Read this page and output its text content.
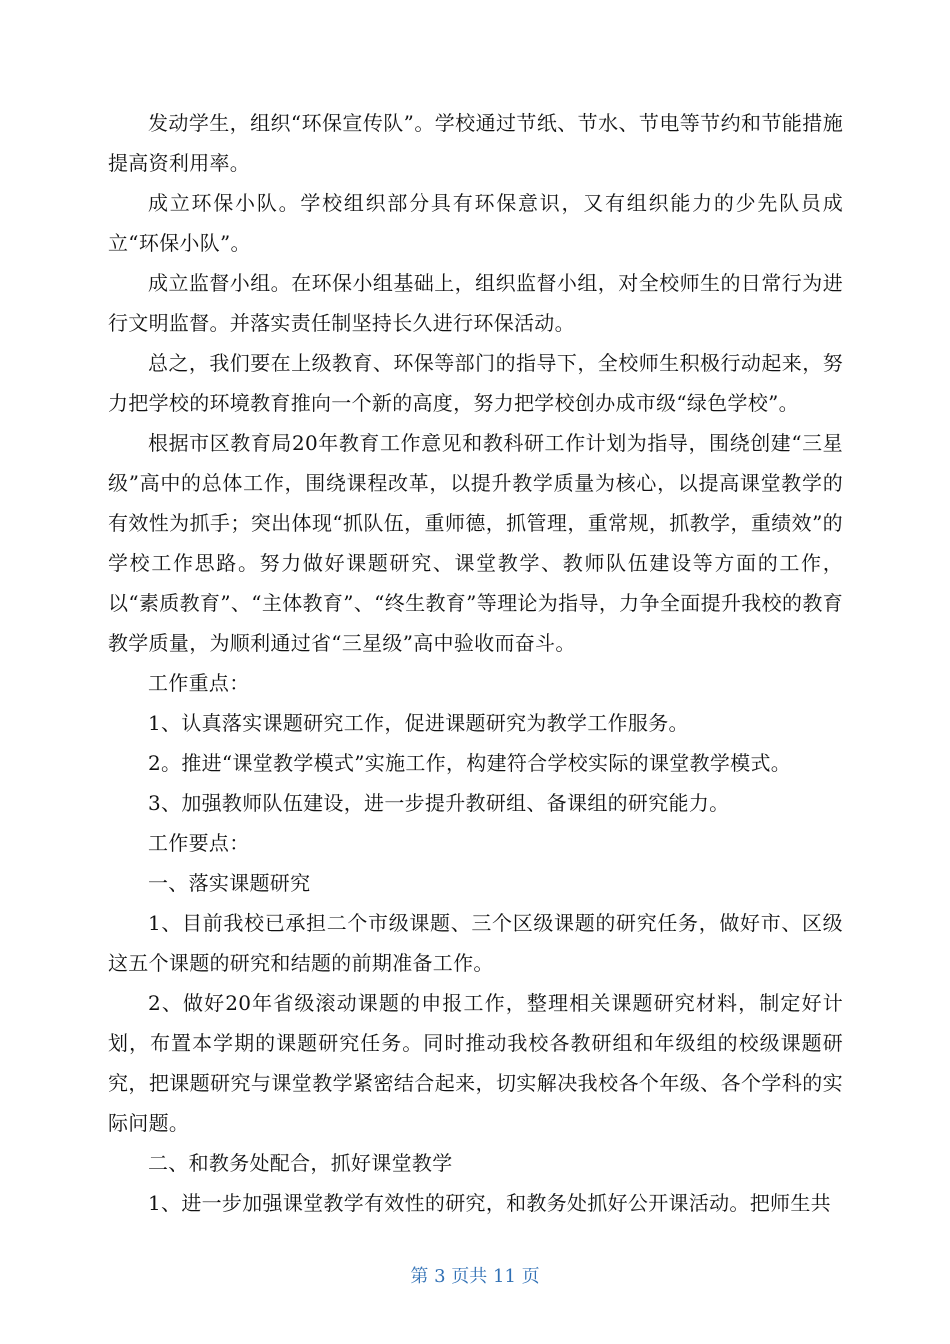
发动学生，组织“环保宣传队”。学校通过节纸、节水、节电等节约和节能措施提高资利用率。

成立环保小队。学校组织部分具有环保意识，又有组织能力的少先队员成立“环保小队”。

成立监督小组。在环保小组基础上，组织监督小组，对全校师生的日常行为进行文明监督。并落实责任制坚持长久进行环保活动。

总之，我们要在上级教育、环保等部门的指导下，全校师生积极行动起来，努力把学校的环境教育推向一个新的高度，努力把学校创办成市级“绿色学校”。

根据市区教育局20年教育工作意见和教科研工作计划为指导，围绕创建“三星级”高中的总体工作，围绕课程改革，以提升教学质量为核心，以提高课堂教学的有效性为抓手；突出体现“抓队伍，重师德，抓管理，重常规，抓教学，重绩效”的学校工作思路。努力做好课题研究、课堂教学、教师队伍建设等方面的工作，以“素质教育”、“主体教育”、“终生教育”等理论为指导，力争全面提升我校的教育教学质量，为顺利通过省“三星级”高中验收而奋斗。

工作重点：

1、认真落实课题研究工作，促进课题研究为教学工作服务。

2。推进“课堂教学模式”实施工作，构建符合学校实际的课堂教学模式。

3、加强教师队伍建设，进一步提升教研组、备课组的研究能力。

工作要点：

一、落实课题研究

1、目前我校已承担二个市级课题、三个区级课题的研究任务，做好市、区级这五个课题的研究和结题的前期准备工作。

2、做好20年省级滚动课题的申报工作，整理相关课题研究材料，制定好计划，布置本学期的课题研究任务。同时推动我校各教研组和年级组的校级课题研究，把课题研究与课堂教学紧密结合起来，切实解决我校各个年级、各个学科的实际问题。

二、和教务处配合，抓好课堂教学

1、进一步加强课堂教学有效性的研究，和教务处抓好公开课活动。把师生共

第 3 页共 11 页
